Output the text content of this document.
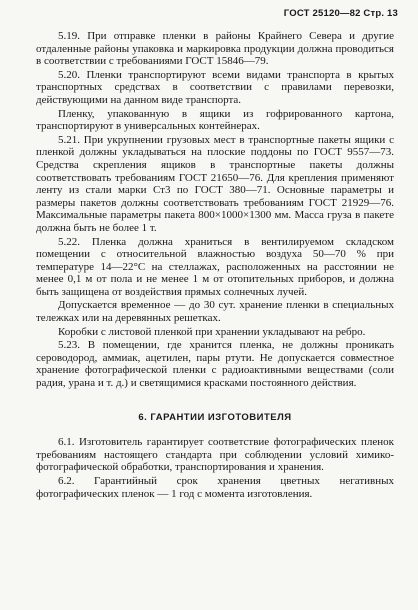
ГОСТ 25120—82 Стр. 13

5.19. При отправке пленки в районы Крайнего Севера и другие отдаленные районы упаковка и маркировка продукции должна проводиться в соответствии с требованиями ГОСТ 15846—79.

5.20. Пленки транспортируют всеми видами транспорта в крытых транспортных средствах в соответствии с правилами перевозки, действующими на данном виде транспорта.

Пленку, упакованную в ящики из гофрированного картона, транспортируют в универсальных контейнерах.

5.21. При укрупнении грузовых мест в транспортные пакеты ящики с пленкой должны укладываться на плоские поддоны по ГОСТ 9557—73. Средства скрепления ящиков в транспортные пакеты должны соответствовать требованиям ГОСТ 21650—76. Для крепления применяют ленту из стали марки Ст3 по ГОСТ 380—71. Основные параметры и размеры пакетов должны соответствовать требованиям ГОСТ 21929—76. Максимальные параметры пакета 800×1000×1300 мм. Масса груза в пакете должна быть не более 1 т.

5.22. Пленка должна храниться в вентилируемом складском помещении с относительной влажностью воздуха 50—70 % при температуре 14—22°С на стеллажах, расположенных на расстоянии не менее 0,1 м от пола и не менее 1 м от отопительных приборов, и должна быть защищена от воздействия прямых солнечных лучей.

Допускается временное — до 30 сут. хранение пленки в специальных тележках или на деревянных решетках.

Коробки с листовой пленкой при хранении укладывают на ребро.

5.23. В помещении, где хранится пленка, не должны проникать сероводород, аммиак, ацетилен, пары ртути. Не допускается совместное хранение фотографической пленки с радиоактивными веществами (соли радия, урана и т. д.) и светящимися красками постоянного действия.

6. ГАРАНТИИ ИЗГОТОВИТЕЛЯ

6.1. Изготовитель гарантирует соответствие фотографических пленок требованиям настоящего стандарта при соблюдении условий химико-фотографической обработки, транспортирования и хранения.

6.2. Гарантийный срок хранения цветных негативных фотографических пленок — 1 год с момента изготовления.
